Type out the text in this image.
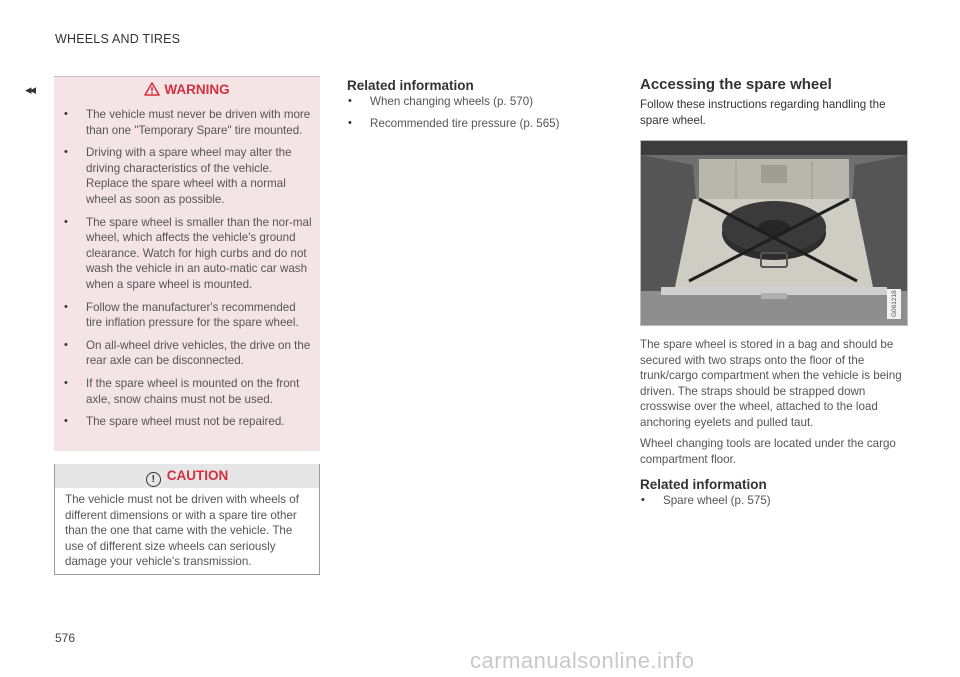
WHEELS AND TIRES
◂◂	WARNING
• The vehicle must never be driven with more than one "Temporary Spare" tire mounted.
• Driving with a spare wheel may alter the driving characteristics of the vehicle. Replace the spare wheel with a normal wheel as soon as possible.
• The spare wheel is smaller than the nor-mal wheel, which affects the vehicle's ground clearance. Watch for high curbs and do not wash the vehicle in an auto-matic car wash when a spare wheel is mounted.
• Follow the manufacturer's recommended tire inflation pressure for the spare wheel.
• On all-wheel drive vehicles, the drive on the rear axle can be disconnected.
• If the spare wheel is mounted on the front axle, snow chains must not be used.
• The spare wheel must not be repaired.
! CAUTION
The vehicle must not be driven with wheels of different dimensions or with a spare tire other than the one that came with the vehicle. The use of different size wheels can seriously damage your vehicle's transmission.
Related information
• When changing wheels (p. 570)
• Recommended tire pressure (p. 565)
Accessing the spare wheel
Follow these instructions regarding handling the spare wheel.
G061218
The spare wheel is stored in a bag and should be secured with two straps onto the floor of the trunk/cargo compartment when the vehicle is being driven. The straps should be strapped down crosswise over the wheel, attached to the load anchoring eyelets and pulled taut.
Wheel changing tools are located under the cargo compartment floor.
Related information
• Spare wheel (p. 575)
576
carmanualsonline.info
